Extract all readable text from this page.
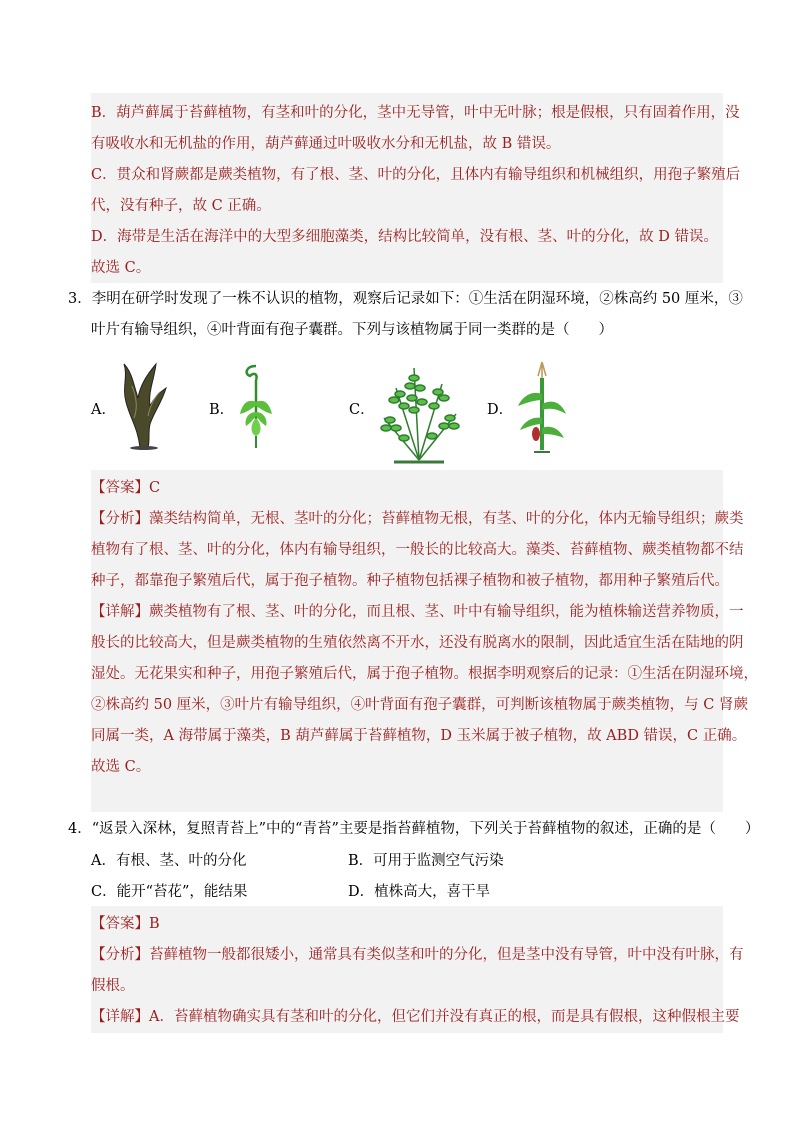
B．葫芦藓属于苔藓植物，有茎和叶的分化，茎中无导管，叶中无叶脉；根是假根，只有固着作用，没
有吸收水和无机盐的作用，葫芦藓通过叶吸收水分和无机盐，故 B 错误。
C．贯众和肾蕨都是蕨类植物，有了根、茎、叶的分化，且体内有输导组织和机械组织，用孢子繁殖后
代，没有种子，故 C 正确。
D．海带是生活在海洋中的大型多细胞藻类，结构比较简单，没有根、茎、叶的分化，故 D 错误。
故选 C。
3．李明在研学时发现了一株不认识的植物，观察后记录如下：①生活在阴湿环境，②株高约 50 厘米，③
叶片有输导组织，④叶背面有孢子囊群。下列与该植物属于同一类群的是（　　）
A．	B．	C．	D．
【答案】C
【分析】藻类结构简单，无根、茎叶的分化；苔藓植物无根，有茎、叶的分化，体内无输导组织；蕨类
植物有了根、茎、叶的分化，体内有输导组织，一般长的比较高大。藻类、苔藓植物、蕨类植物都不结
种子，都靠孢子繁殖后代，属于孢子植物。种子植物包括裸子植物和被子植物，都用种子繁殖后代。
【详解】蕨类植物有了根、茎、叶的分化，而且根、茎、叶中有输导组织，能为植株输送营养物质，一
般长的比较高大，但是蕨类植物的生殖依然离不开水，还没有脱离水的限制，因此适宜生活在陆地的阴
湿处。无花果实和种子，用孢子繁殖后代，属于孢子植物。根据李明观察后的记录：①生活在阴湿环境，
②株高约 50 厘米，③叶片有输导组织，④叶背面有孢子囊群，可判断该植物属于蕨类植物，与 C 肾蕨
同属一类，A 海带属于藻类，B 葫芦藓属于苔藓植物，D 玉米属于被子植物，故 ABD 错误，C 正确。
故选 C。
4．“返景入深林，复照青苔上”中的“青苔”主要是指苔藓植物，下列关于苔藓植物的叙述，正确的是（　　）
A．有根、茎、叶的分化	B．可用于监测空气污染
C．能开“苔花”，能结果	D．植株高大，喜干旱
【答案】B
【分析】苔藓植物一般都很矮小，通常具有类似茎和叶的分化，但是茎中没有导管，叶中没有叶脉，有
假根。
【详解】A．苔藓植物确实具有茎和叶的分化，但它们并没有真正的根，而是具有假根，这种假根主要
